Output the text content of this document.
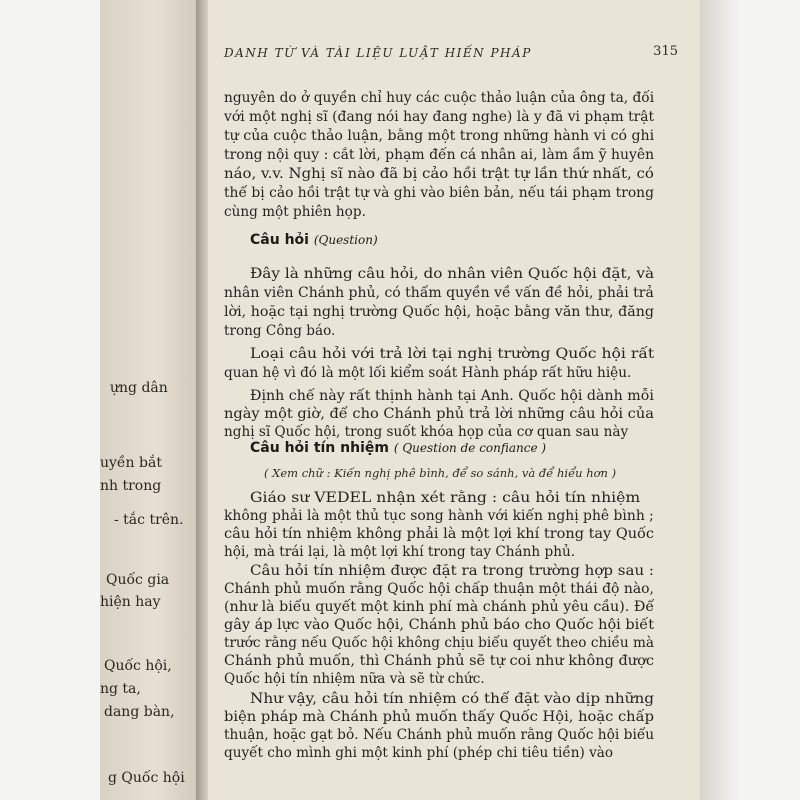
ựng dân
uyền bắt
nh trong
- tắc trên.
Quốc gia
hiện hay
Quốc hội,
ng ta,
dang bàn,
g Quốc hội
DANH TỪ VÀ TÀI LIỆU LUẬT HIẾN PHÁP	315
nguyên do ở quyền chỉ huy các cuộc thảo luận của ông ta, đối
với một nghị sĩ (đang nói hay đang nghe) là y đã vi phạm trật
tự của cuộc thảo luận, bằng một trong những hành vi có ghi
trong nội quy : cắt lời, phạm đến cá nhân ai, làm ầm ỹ huyên
náo, v.v. Nghị sĩ nào đã bị cảo hồi trật tự lần thứ nhất, có
thể bị cảo hồi trật tự và ghi vào biên bản, nếu tái phạm trong
cùng một phiên họp.
Câu hỏi (Question)
Đây là những câu hỏi, do nhân viên Quốc hội đặt, và
nhân viên Chánh phủ, có thẩm quyền về vấn đề hỏi, phải trả
lời, hoặc tại nghị trường Quốc hội, hoặc bằng văn thư, đăng
trong Công báo.
Loại câu hỏi với trả lời tại nghị trường Quốc hội rất
quan hệ vì đó là một lối kiểm soát Hành pháp rất hữu hiệu.
Định chế này rất thịnh hành tại Anh. Quốc hội dành mỗi
ngày một giờ, để cho Chánh phủ trả lời những câu hỏi của
nghị sĩ Quốc hội, trong suốt khóa họp của cơ quan sau này
Câu hỏi tín nhiệm ( Question de confiance )
( Xem chữ : Kiến nghị phê bình, để so sánh, và để hiểu hơn )
Giáo sư VEDEL nhận xét rằng : câu hỏi tín nhiệm
không phải là một thủ tục song hành với kiến nghị phê bình ;
câu hỏi tín nhiệm không phải là một lợi khí trong tay Quốc
hội, mà trái lại, là một lợi khí trong tay Chánh phủ.
Câu hỏi tín nhiệm được đặt ra trong trường hợp sau :
Chánh phủ muốn rằng Quốc hội chấp thuận một thái độ nào,
(như là biểu quyết một kinh phí mà chánh phủ yêu cầu). Để
gây áp lực vào Quốc hội, Chánh phủ báo cho Quốc hội biết
trước rằng nếu Quốc hội không chịu biểu quyết theo chiều mà
Chánh phủ muốn, thì Chánh phủ sẽ tự coi như không được
Quốc hội tín nhiệm nữa và sẽ từ chức.
Như vậy, câu hỏi tín nhiệm có thể đặt vào dịp những
biện pháp mà Chánh phủ muốn thấy Quốc Hội, hoặc chấp
thuận, hoặc gạt bỏ. Nếu Chánh phủ muốn rằng Quốc hội biểu
quyết cho mình ghi một kinh phí (phép chi tiêu tiền) vào
